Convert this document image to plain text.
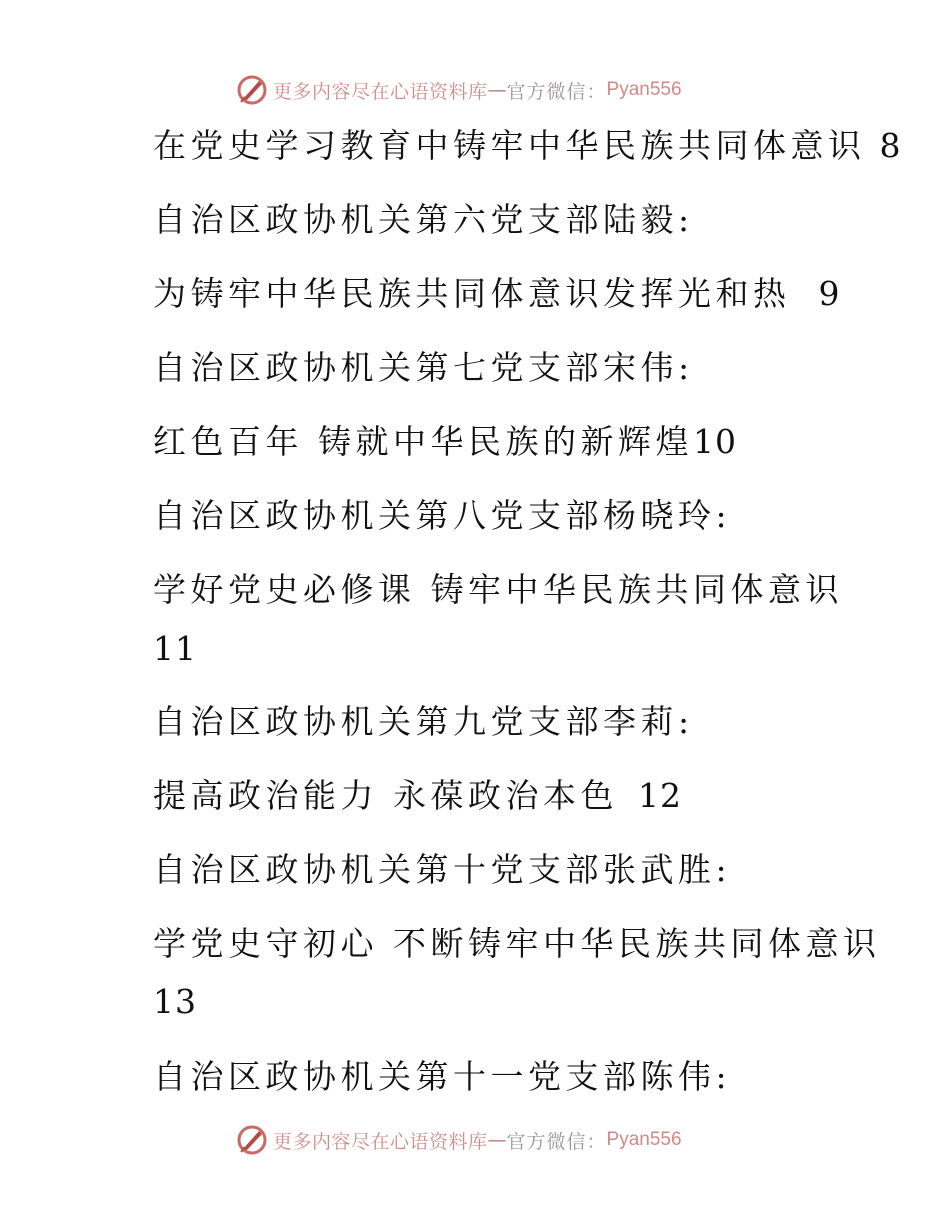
更多内容尽在心语资料库 — 官方微信： Pyan556
在党史学习教育中铸牢中华民族共同体意识 8
自治区政协机关第六党支部陆毅:
为铸牢中华民族共同体意识发挥光和热 9
自治区政协机关第七党支部宋伟:
红色百年 铸就中华民族的新辉煌10
自治区政协机关第八党支部杨晓玲:
学好党史必修课 铸牢中华民族共同体意识
11
自治区政协机关第九党支部李莉:
提高政治能力 永葆政治本色 12
自治区政协机关第十党支部张武胜:
学党史守初心 不断铸牢中华民族共同体意识
13
自治区政协机关第十一党支部陈伟:
更多内容尽在心语资料库 — 官方微信： Pyan556
